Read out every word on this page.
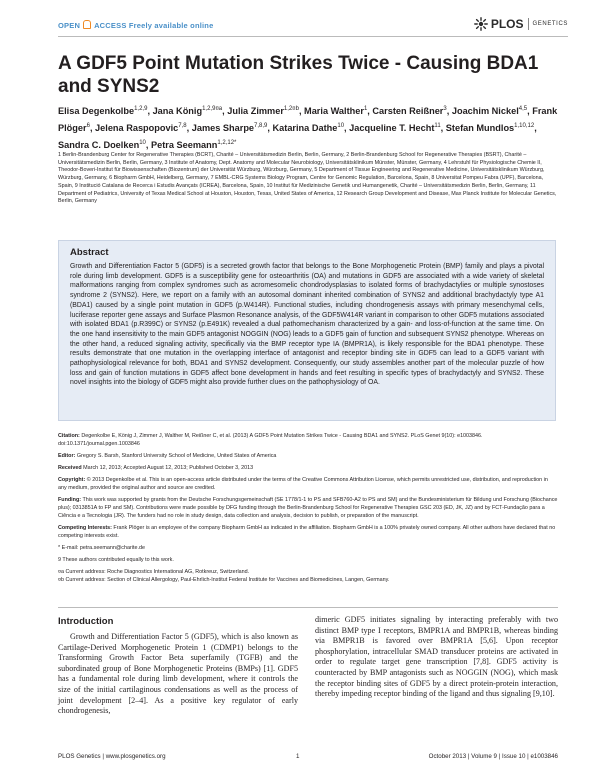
OPEN ACCESS Freely available online	PLOS GENETICS
A GDF5 Point Mutation Strikes Twice - Causing BDA1 and SYNS2
Elisa Degenkolbe$^{1,2,9}$, Jana König$^{1,2,9¤a}$, Julia Zimmer$^{1,2¤b}$, Maria Walther$^1$, Carsten Reißner$^3$, Joachim Nickel$^{4,5}$, Frank Plöger$^6$, Jelena Raspopovic$^{7,8}$, James Sharpe$^{7,8,9}$, Katarina Dathe$^{10}$, Jacqueline T. Hecht$^{11}$, Stefan Mundlos$^{1,10,12}$, Sandra C. Doelken$^{10}$, Petra Seemann$^{1,2,12*}$
1 Berlin-Brandenburg Center for Regenerative Therapies (BCRT), Charité – Universitätsmedizin Berlin, Berlin, Germany, 2 Berlin-Brandenburg School for Regenerative Therapies (BSRT), Charité – Universitätsmedizin Berlin, Berlin, Germany, 3 Institute of Anatomy, Dept. Anatomy and Molecular Neurobiology, Universitätsklinikum Münster, Münster, Germany, 4 Lehrstuhl für Physiologische Chemie II, Theodor-Boveri-Institut für Biowissenschaften (Biozentrum) der Universität Würzburg, Würzburg, Germany, 5 Department of Tissue Engineering and Regenerative Medicine, Universitätsklinikum Würzburg, Würzburg, Germany, 6 Biopharm GmbH, Heidelberg, Germany, 7 EMBL-CRG Systems Biology Program, Centre for Genomic Regulation, Barcelona, Spain, 8 Universitat Pompeu Fabra (UPF), Barcelona, Spain, 9 Institució Catalana de Recerca i Estudis Avançats (ICREA), Barcelona, Spain, 10 Institut für Medizinische Genetik und Humangenetik, Charité – Universitätsmedizin Berlin, Berlin, Germany, 11 Department of Pediatrics, University of Texas Medical School at Houston, Houston, Texas, United States of America, 12 Research Group Development and Disease, Max Planck Institute for Molecular Genetics, Berlin, Germany
Abstract

Growth and Differentiation Factor 5 (GDF5) is a secreted growth factor that belongs to the Bone Morphogenetic Protein (BMP) family and plays a pivotal role during limb development. GDF5 is a susceptibility gene for osteoarthritis (OA) and mutations in GDF5 are associated with a wide variety of skeletal malformations ranging from complex syndromes such as acromesomelic chondrodysplasias to isolated forms of brachydactylies or multiple synostoses syndrome 2 (SYNS2). Here, we report on a family with an autosomal dominant inherited combination of SYNS2 and additional brachydactyly type A1 (BDA1) caused by a single point mutation in GDF5 (p.W414R). Functional studies, including chondrogenesis assays with primary mesenchymal cells, luciferase reporter gene assays and Surface Plasmon Resonance analysis, of the GDF5W414R variant in comparison to other GDF5 mutations associated with isolated BDA1 (p.R399C) or SYNS2 (p.E491K) revealed a dual pathomechanism characterized by a gain- and loss-of-function at the same time. On the one hand insensitivity to the main GDF5 antagonist NOGGIN (NOG) leads to a GDF5 gain of function and subsequent SYNS2 phenotype. Whereas on the other hand, a reduced signaling activity, specifically via the BMP receptor type IA (BMPR1A), is likely responsible for the BDA1 phenotype. These results demonstrate that one mutation in the overlapping interface of antagonist and receptor binding site in GDF5 can lead to a GDF5 variant with pathophysiological relevance for both, BDA1 and SYNS2 development. Consequently, our study assembles another part of the molecular puzzle of how loss and gain of function mutations in GDF5 affect bone development in hands and feet resulting in specific types of brachydactyly and SYNS2. These novel insights into the biology of GDF5 might also provide further clues on the pathophysiology of OA.

Citation: Degenkolbe E, König J, Zimmer J, Walther M, Reißner C, et al. (2013) A GDF5 Point Mutation Strikes Twice - Causing BDA1 and SYNS2. PLoS Genet 9(10): e1003846. doi:10.1371/journal.pgen.1003846

Editor: Gregory S. Barsh, Stanford University School of Medicine, United States of America

Received March 12, 2013; Accepted August 12, 2013; Published October 3, 2013

Copyright: © 2013 Degenkolbe et al. This is an open-access article distributed under the terms of the Creative Commons Attribution License, which permits unrestricted use, distribution, and reproduction in any medium, provided the original author and source are credited.

Funding: This work was supported by grants from the Deutsche Forschungsgemeinschaft (SE 1778/1-1 to PS and SFB760-A2 to PS and SM) and the Bundesministerium für Bildung und Forschung (Biochance plus); 0313851A to FP and SM). Contributions were made possible by DFG funding through the Berlin-Brandenburg School for Regenerative Therapies GSC 203 (ED, JK, JZ) and by FCT-Fundação para a Ciência e a Tecnologia (JR). The funders had no role in study design, data collection and analysis, decision to publish, or preparation of the manuscript.

Competing Interests: Frank Plöger is an employee of the company Biopharm GmbH as indicated in the affiliation. Biopharm GmbH is a 100% privately owned company. All other authors have declared that no competing interests exist.

* E-mail: petra.seemann@charite.de

9 These authors contributed equally to this work.

¤a Current address: Roche Diagnostics International AG, Rotkreuz, Switzerland.
¤b Current address: Section of Clinical Allergology, Paul-Ehrlich-Institut Federal Institute for Vaccines and Biomedicines, Langen, Germany.

Introduction

Growth and Differentiation Factor 5 (GDF5), which is also known as Cartilage-Derived Morphogenetic Protein 1 (CDMP1) belongs to the Transforming Growth Factor Beta superfamily (TGFB) and the subordinated group of Bone Morphogenetic Proteins (BMPs) [1]. GDF5 has a fundamental role during limb development, where it controls the size of the initial cartilaginous condensations as well as the process of joint development [2–4]. As a positive key regulator of early chondrogenesis,

dimeric GDF5 initiates signaling by interacting preferably with two distinct BMP type I receptors, BMPR1A and BMPR1B, whereas binding via BMPR1B is favored over BMPR1A [5,6]. Upon receptor phosphorylation, intracellular SMAD transducer proteins are activated in order to regulate target gene transcription [7,8]. GDF5 activity is counteracted by BMP antagonists such as NOGGIN (NOG), which mask the receptor binding sites of GDF5 by a direct protein-protein interaction, thereby impeding receptor binding of the ligand and thus signaling [9,10].

PLOS Genetics | www.plosgenetics.org	1	October 2013 | Volume 9 | Issue 10 | e1003846
